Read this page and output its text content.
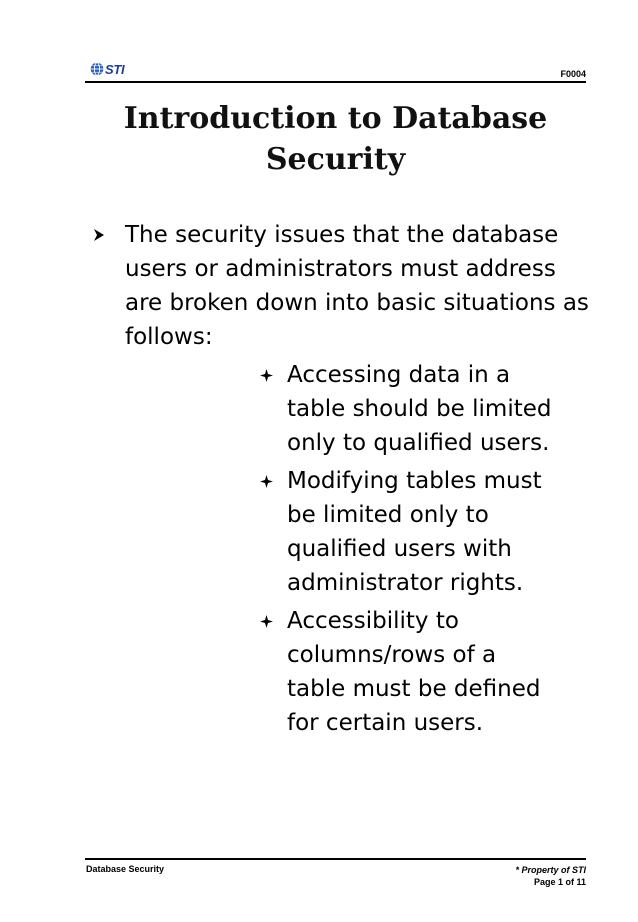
STI	F0004
Introduction to Database Security
The security issues that the database users or administrators must address are broken down into basic situations as follows:
Accessing data in a table should be limited only to qualified users.
Modifying tables must be limited only to qualified users with administrator rights.
Accessibility to columns/rows of a table must be defined for certain users.
Database Security	* Property of STI
Page 1 of 11
